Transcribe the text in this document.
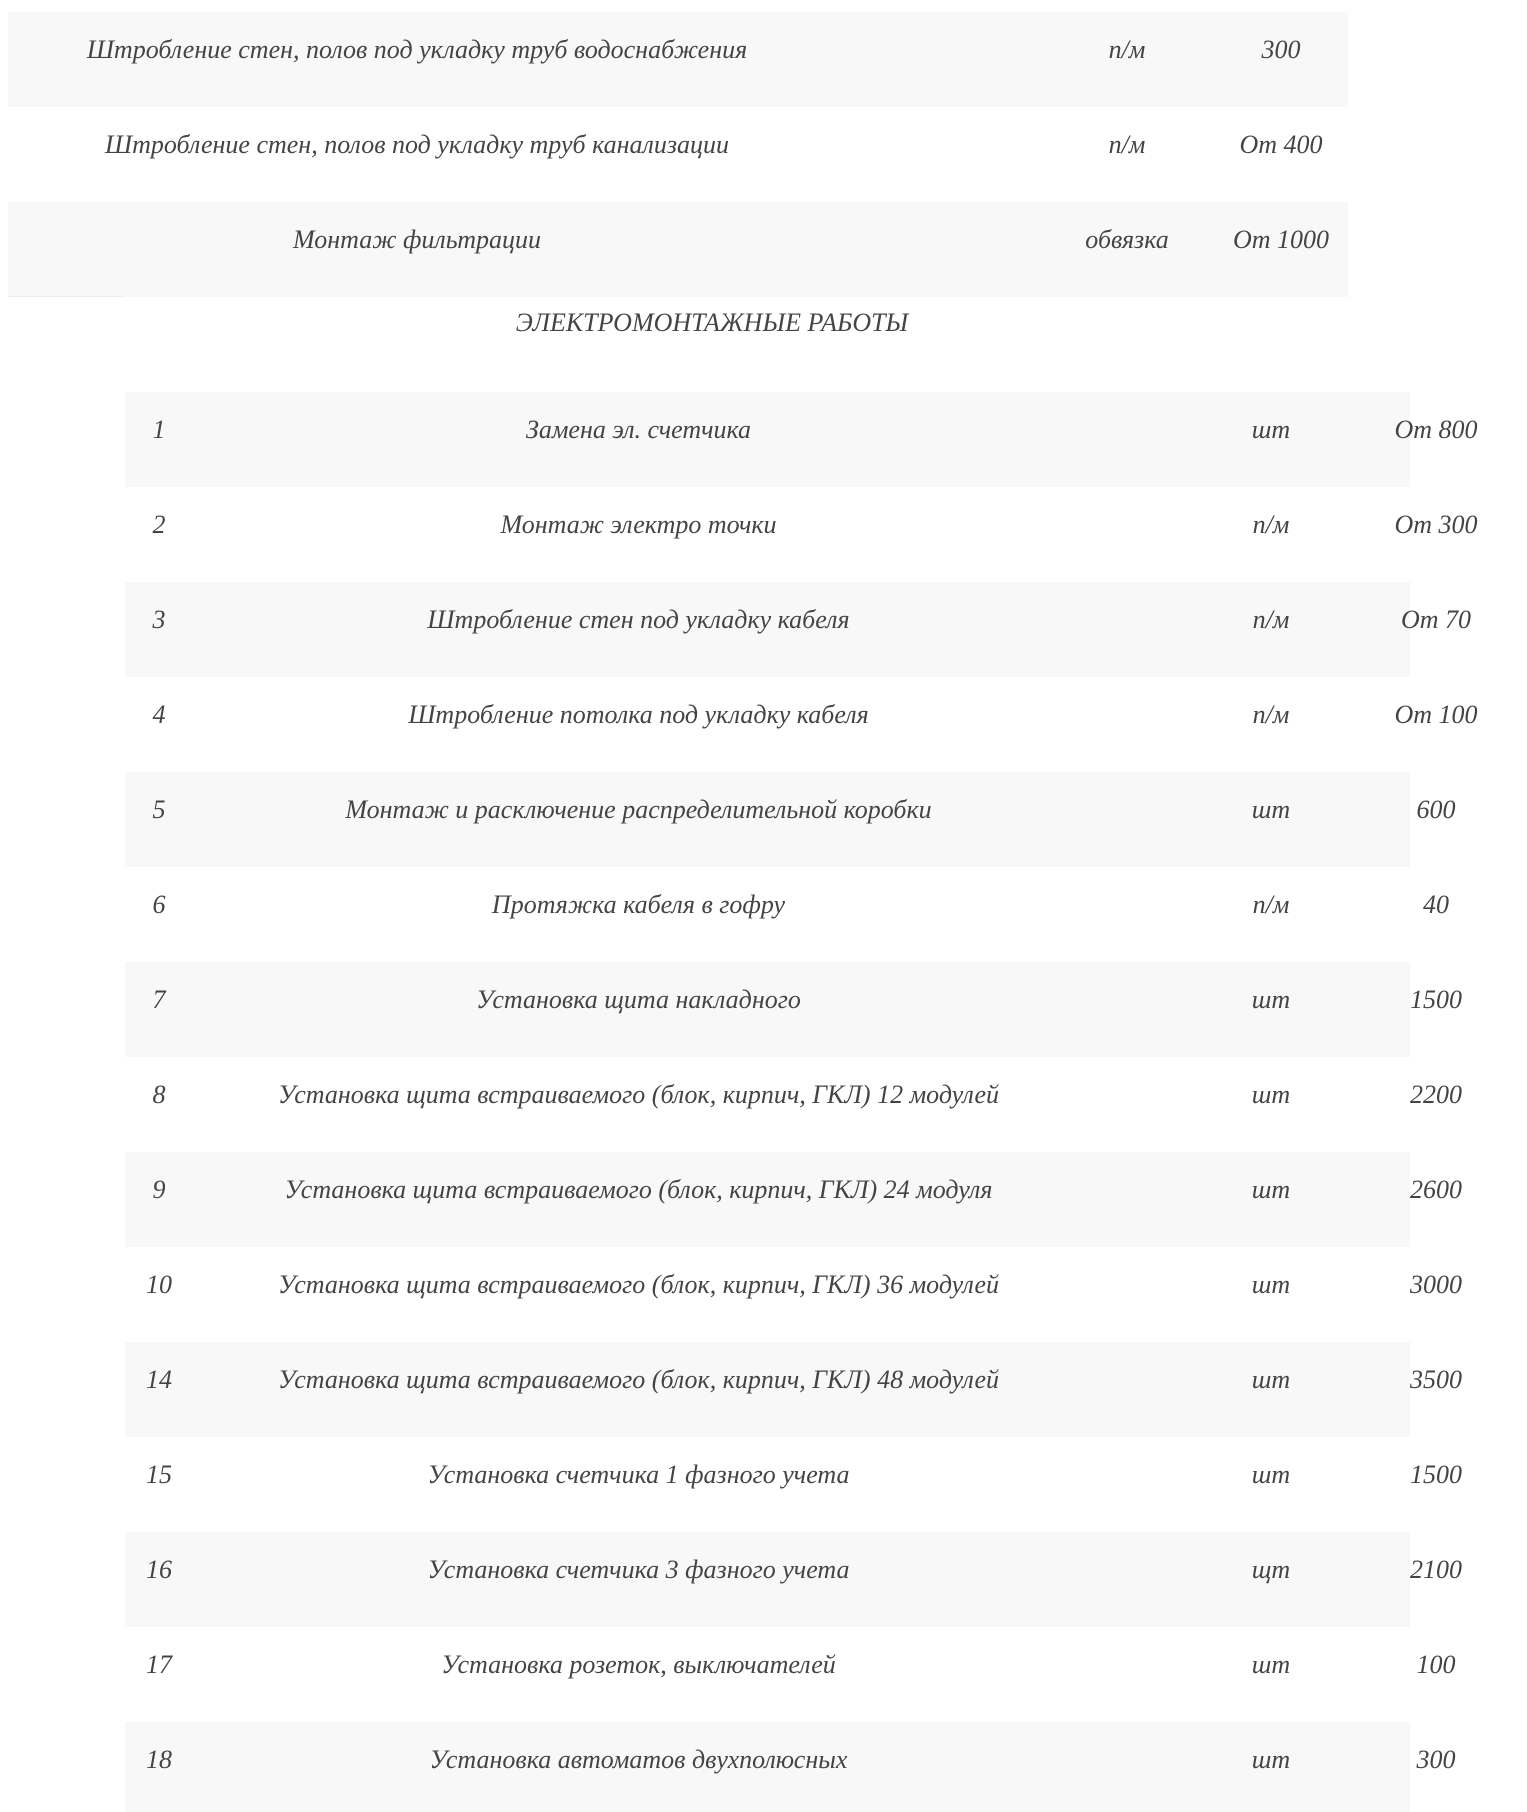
Штробление стен, полов под укладку труб водоснабжения	п/м	300
Штробление стен, полов под укладку труб канализации	п/м	От 400
Монтаж фильтрации	обвязка	От 1000
ЭЛЕКТРОМОНТАЖНЫЕ РАБОТЫ
1	Замена эл. счетчика	шт	От 800
2	Монтаж электро точки	п/м	От 300
3	Штробление стен под укладку кабеля	п/м	От 70
4	Штробление потолка под укладку кабеля	п/м	От 100
5	Монтаж и расключение распределительной коробки	шт	600
6	Протяжка кабеля в гофру	п/м	40
7	Установка щита накладного	шт	1500
8	Установка щита встраиваемого (блок, кирпич, ГКЛ) 12 модулей	шт	2200
9	Установка щита встраиваемого (блок, кирпич, ГКЛ) 24 модуля	шт	2600
10	Установка щита встраиваемого (блок, кирпич, ГКЛ) 36 модулей	шт	3000
14	Установка щита встраиваемого (блок, кирпич, ГКЛ) 48 модулей	шт	3500
15	Установка счетчика 1 фазного учета	шт	1500
16	Установка счетчика 3 фазного учета	щт	2100
17	Установка розеток, выключателей	шт	100
18	Установка автоматов двухполюсных	шт	300
